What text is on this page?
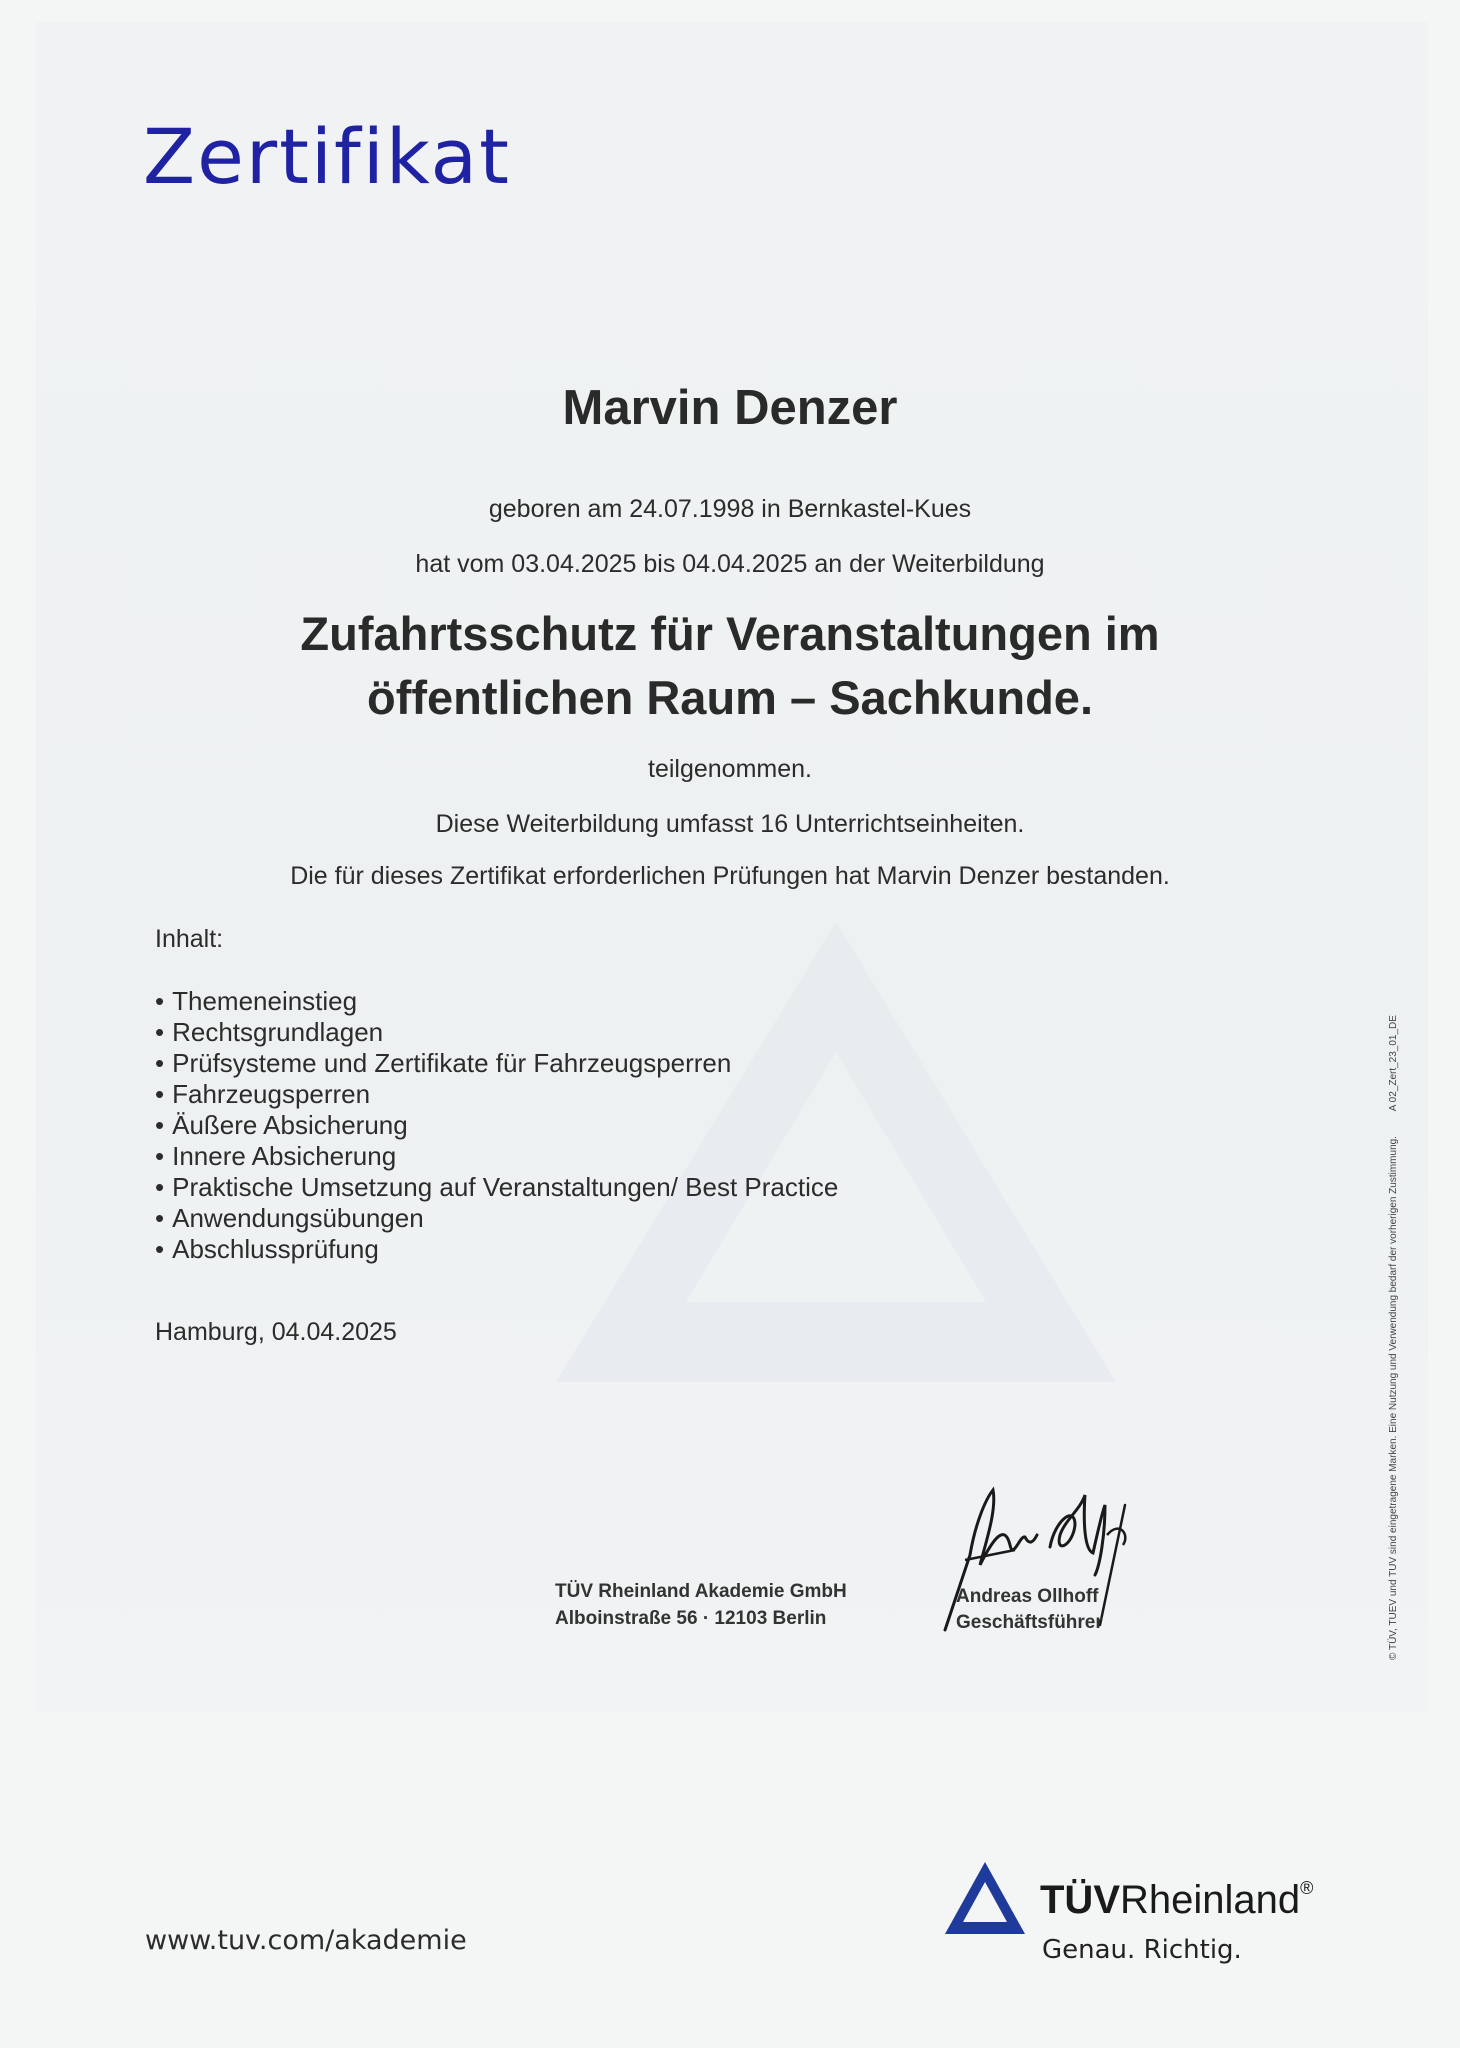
Zertifikat
Marvin Denzer
geboren am 24.07.1998 in Bernkastel-Kues
hat vom 03.04.2025 bis 04.04.2025 an der Weiterbildung
Zufahrtsschutz für Veranstaltungen im
öffentlichen Raum – Sachkunde.
teilgenommen.
Diese Weiterbildung umfasst 16 Unterrichtseinheiten.
Die für dieses Zertifikat erforderlichen Prüfungen hat Marvin Denzer bestanden.
Inhalt:
• Themeneinstieg
• Rechtsgrundlagen
• Prüfsysteme und Zertifikate für Fahrzeugsperren
• Fahrzeugsperren
• Äußere Absicherung
• Innere Absicherung
• Praktische Umsetzung auf Veranstaltungen/ Best Practice
• Anwendungsübungen
• Abschlussprüfung
Hamburg, 04.04.2025
TÜV Rheinland Akademie GmbH
Alboinstraße 56 · 12103 Berlin
Andreas Ollhoff
Geschäftsführer	© TÜV, TUEV und TUV sind eingetragene Marken. Eine Nutzung und Verwendung bedarf der vorherigen Zustimmung. A 02_Zert_23_01_DE
www.tuv.com/akademie
TÜVRheinland®
Genau. Richtig.
